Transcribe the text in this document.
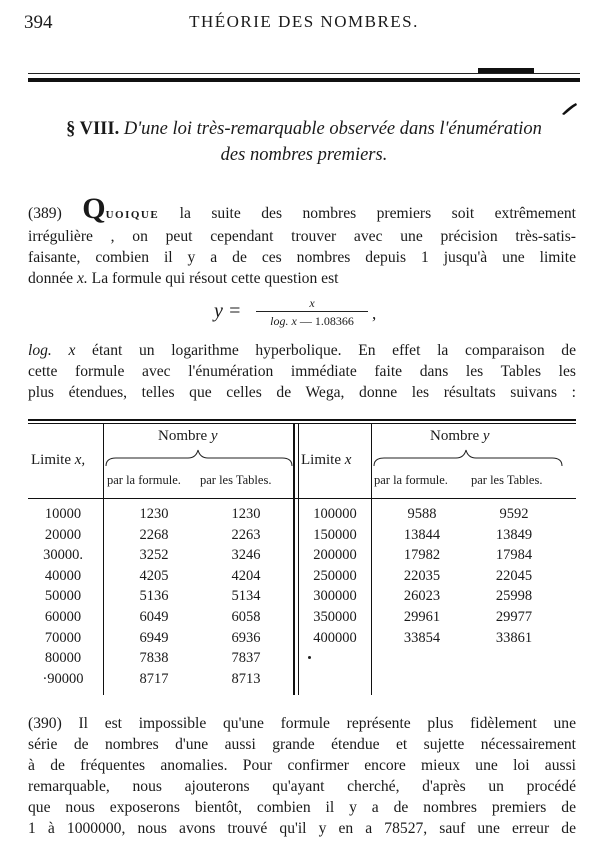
394	THÉORIE DES NOMBRES.
§ VIII. D'une loi très-remarquable observée dans l'énumération
des nombres premiers.
(389) QUOIQUE la suite des nombres premiers soit extrêmement
irrégulière , on peut cependant trouver avec une précision très-satis-
faisante, combien il y a de ces nombres depuis 1 jusqu'à une limite
donnée x. La formule qui résout cette question est
y =	x
log. x — 1.08366	,
log. x étant un logarithme hyperbolique. En effet la comparaison de
cette formule avec l'énumération immédiate faite dans les Tables les
plus étendues, telles que celles de Wega, donne les résultats suivans :
Limite x,
Nombre y
par la formule. par les Tables.
Limite x
Nombre y
par la formule. par les Tables.
10000	1230	1230
20000	2268	2263
30000.	3252	3246
40000	4205	4204
50000	5136	5134
60000	6049	6058
70000	6949	6936
80000	7838	7837
·90000	8717	8713
100000	9588	9592
150000	13844	13849
200000	17982	17984
250000	22035	22045
300000	26023	25998
350000	29961	29977
400000	33854	33861
(390) Il est impossible qu'une formule représente plus fidèlement une
série de nombres d'une aussi grande étendue et sujette nécessairement
à de fréquentes anomalies. Pour confirmer encore mieux une loi aussi
remarquable, nous ajouterons qu'ayant cherché, d'après un procédé
que nous exposerons bientôt, combien il y a de nombres premiers de
1 à 1000000, nous avons trouvé qu'il y en a 78527, sauf une erreur de
